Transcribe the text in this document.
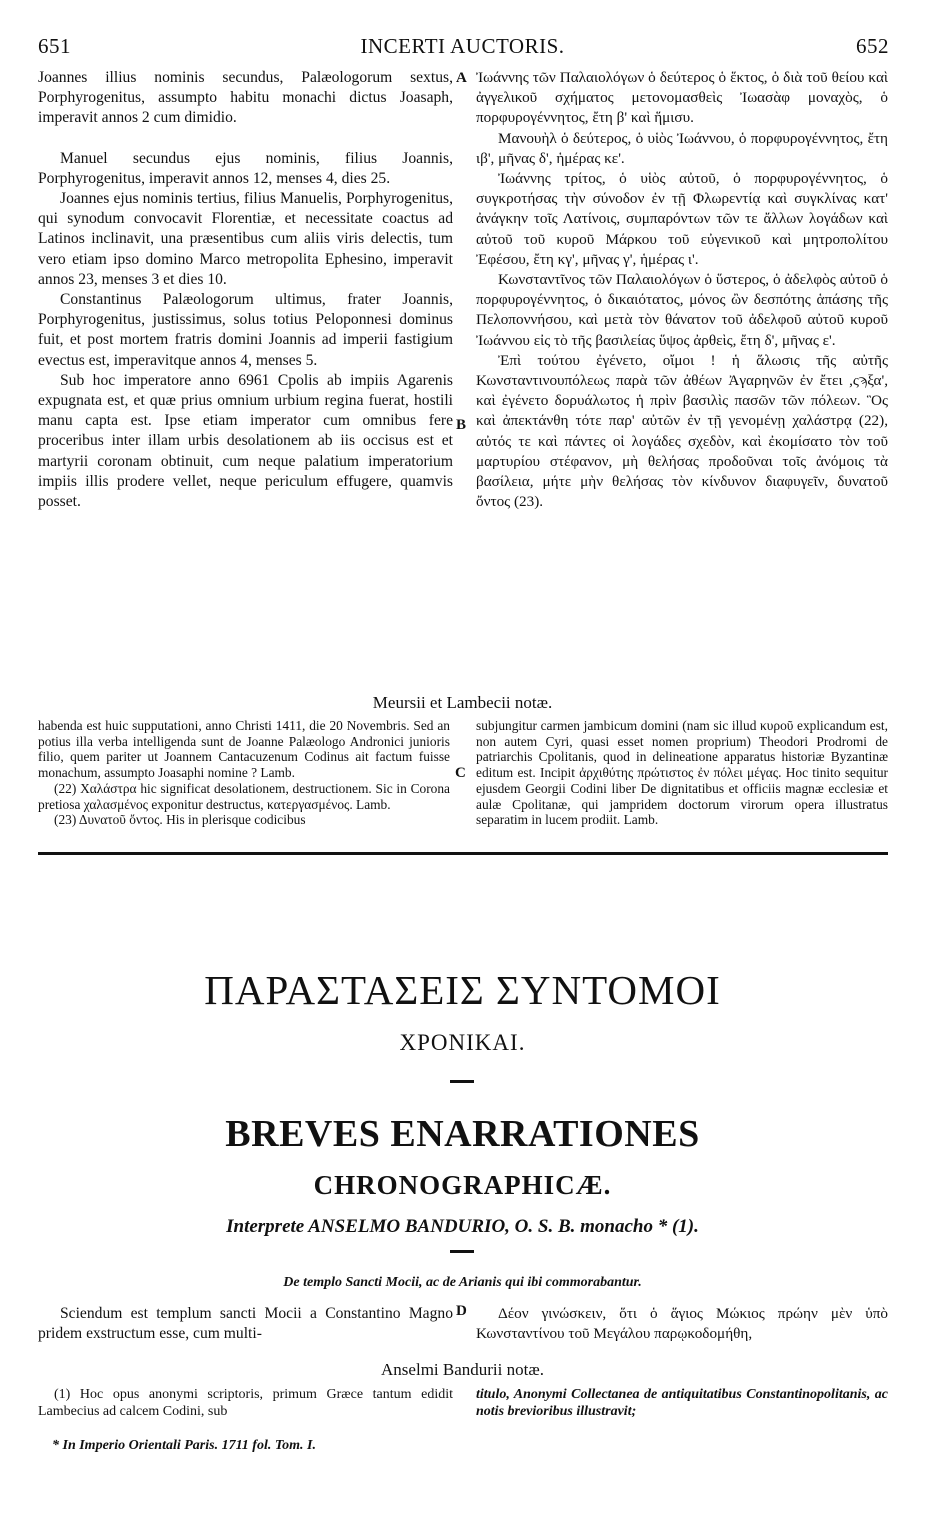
651	INCERTI AUCTORIS.	652

Joannes illius nominis secundus, Palæologorum sextus, Porphyrogenitus, assumpto habitu monachi dictus Joasaph, imperavit annos 2 cum dimidio.

Manuel secundus ejus nominis, filius Joannis, Porphyrogenitus, imperavit annos 12, menses 4, dies 25.

Joannes ejus nominis tertius, filius Manuelis, Porphyrogenitus, qui synodum convocavit Florentiæ, et necessitate coactus ad Latinos inclinavit, una præsentibus cum aliis viris delectis, tum vero etiam ipso domino Marco metropolita Ephesino, imperavit annos 23, menses 3 et dies 10.

Constantinus Palæologorum ultimus, frater Joannis, Porphyrogenitus, justissimus, solus totius Peloponnesi dominus fuit, et post mortem fratris domini Joannis ad imperii fastigium evectus est, imperavitque annos 4, menses 5.

Sub hoc imperatore anno 6961 Cpolis ab impiis Agarenis expugnata est, et quæ prius omnium urbium regina fuerat, hostili manu capta est. Ipse etiam imperator cum omnibus fere proceribus inter illam urbis desolationem ab iis occisus est et martyrii coronam obtinuit, cum neque palatium imperatorium impiis illis prodere vellet, neque periculum effugere, quamvis posset.

Ἰωάννης τῶν Παλαιολόγων ὁ δεύτερος ὁ ἕκτος, ὁ διὰ τοῦ θείου καὶ ἀγγελικοῦ σχήματος μετονομασθεὶς Ἰωασὰφ μοναχὸς, ὁ πορφυρογέννητος, ἔτη β' καὶ ἥμισυ.

Μανουὴλ ὁ δεύτερος, ὁ υἱὸς Ἰωάννου, ὁ πορφυρογέννητος, ἔτη ιβ', μῆνας δ', ἡμέρας κε'.

Ἰωάννης τρίτος, ὁ υἱὸς αὐτοῦ, ὁ πορφυρογέννητος, ὁ συγκροτήσας τὴν σύνοδον ἐν τῇ Φλωρεντίᾳ καὶ συγκλίνας κατ' ἀνάγκην τοῖς Λατίνοις, συμπαρόντων τῶν τε ἄλλων λογάδων καὶ αὐτοῦ τοῦ κυροῦ Μάρκου τοῦ εὐγενικοῦ καὶ μητροπολίτου Ἐφέσου, ἔτη κγ', μῆνας γ', ἡμέρας ι'.

Κωνσταντῖνος τῶν Παλαιολόγων ὁ ὕστερος, ὁ ἀδελφὸς αὐτοῦ ὁ πορφυρογέννητος, ὁ δικαιότατος, μόνος ὢν δεσπότης ἁπάσης τῆς Πελοποννήσου, καὶ μετὰ τὸν θάνατον τοῦ ἀδελφοῦ αὐτοῦ κυροῦ Ἰωάννου εἰς τὸ τῆς βασιλείας ὕψος ἀρθεὶς, ἔτη δ', μῆνας ε'.

Ἐπὶ τούτου ἐγένετο, οἴμοι ! ἡ ἅλωσις τῆς αὐτῆς Κωνσταντινουπόλεως παρὰ τῶν ἀθέων Ἀγαρηνῶν ἐν ἔτει ,ςϡξα', καὶ ἐγένετο δορυάλωτος ἡ πρὶν βασιλὶς πασῶν τῶν πόλεων. Ὃς καὶ ἀπεκτάνθη τότε παρ' αὐτῶν ἐν τῇ γενομένῃ χαλάστρᾳ (22), αὐτός τε καὶ πάντες οἱ λογάδες σχεδὸν, καὶ ἐκομίσατο τὸν τοῦ μαρτυρίου στέφανον, μὴ θελήσας προδοῦναι τοῖς ἀνόμοις τὰ βασίλεια, μήτε μὴν θελήσας τὸν κίνδυνον διαφυγεῖν, δυνατοῦ ὄντος (23).

A
B
C
D
Meursii et Lambecii notæ.

habenda est huic supputationi, anno Christi 1411, die 20 Novembris. Sed an potius illa verba intelligenda sunt de Joanne Palæologo Andronici junioris filio, quem pariter ut Joannem Cantacuzenum Codinus ait factum fuisse monachum, assumpto Joasaphi nomine ? Lamb.

(22) Χαλάστρα hic significat desolationem, destructionem. Sic in Corona pretiosa χαλασμένος exponitur destructus, κατεργασμένος. Lamb.

(23) Δυνατοῦ ὄντος. His in plerisque codicibus

subjungitur carmen jambicum domini (nam sic illud κυροῦ explicandum est, non autem Cyri, quasi esset nomen proprium) Theodori Prodromi de patriarchis Cpolitanis, quod in delineatione apparatus historiæ Byzantinæ editum est. Incipit ἀρχιθύτης πρώτιστος ἐν πόλει μέγας. Hoc tinito sequitur ejusdem Georgii Codini liber De dignitatibus et officiis magnæ ecclesiæ et aulæ Cpolitanæ, qui jampridem doctorum virorum opera illustratus separatim in lucem prodiit. Lamb.

ΠΑΡΑΣΤΑΣΕΙΣ ΣΥΝΤΟΜΟΙ
ΧΡΟΝΙΚΑΙ.
BREVES ENARRATIONES
CHRONOGRAPHICÆ.
Interprete ANSELMO BANDURIO, O. S. B. monacho * (1).
De templo Sancti Mocii, ac de Arianis qui ibi commorabantur.

Sciendum est templum sancti Mocii a Constantino Magno pridem exstructum esse, cum multi-

Δέον γινώσκειν, ὅτι ὁ ἅγιος Μώκιος πρώην μὲν ὑπὸ Κωνσταντίνου τοῦ Μεγάλου παρῳκοδομήθη,

Anselmi Bandurii notæ.

(1) Hoc opus anonymi scriptoris, primum Græce tantum edidit Lambecius ad calcem Codini, sub

titulo, Anonymi Collectanea de antiquitatibus Constantinopolitanis, ac notis brevioribus illustravit;

* In Imperio Orientali Paris. 1711 fol. Tom. I.
